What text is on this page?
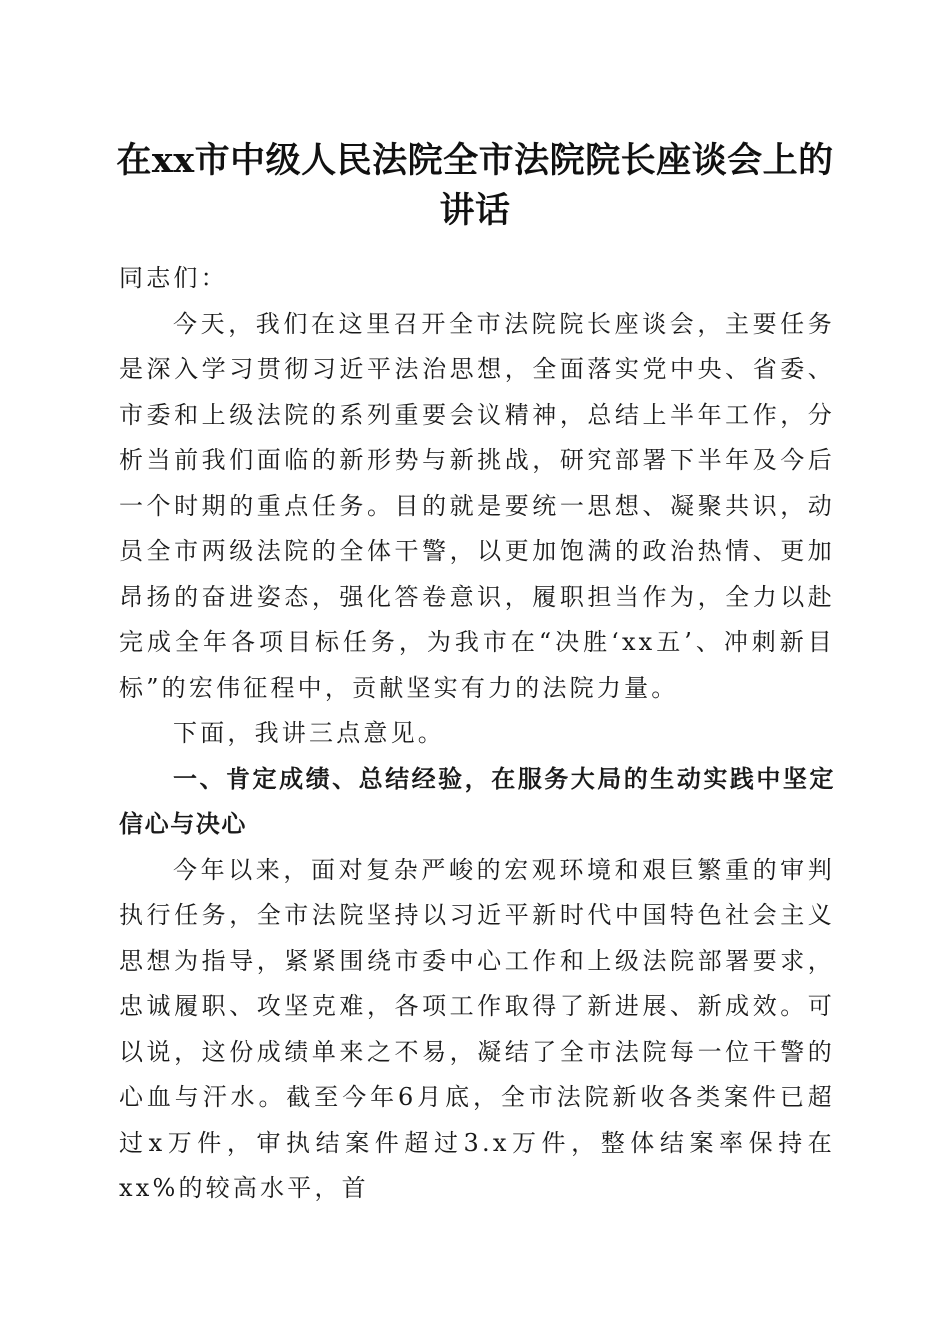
在xx市中级人民法院全市法院院长座谈会上的讲话

同志们：

今天，我们在这里召开全市法院院长座谈会，主要任务是深入学习贯彻习近平法治思想，全面落实党中央、省委、市委和上级法院的系列重要会议精神，总结上半年工作，分析当前我们面临的新形势与新挑战，研究部署下半年及今后一个时期的重点任务。目的就是要统一思想、凝聚共识，动员全市两级法院的全体干警，以更加饱满的政治热情、更加昂扬的奋进姿态，强化答卷意识，履职担当作为，全力以赴完成全年各项目标任务，为我市在“决胜‘xx五’、冲刺新目标”的宏伟征程中，贡献坚实有力的法院力量。

下面，我讲三点意见。

一、肯定成绩、总结经验，在服务大局的生动实践中坚定信心与决心

今年以来，面对复杂严峻的宏观环境和艰巨繁重的审判执行任务，全市法院坚持以习近平新时代中国特色社会主义思想为指导，紧紧围绕市委中心工作和上级法院部署要求，忠诚履职、攻坚克难，各项工作取得了新进展、新成效。可以说，这份成绩单来之不易，凝结了全市法院每一位干警的心血与汗水。截至今年6月底，全市法院新收各类案件已超过x万件，审执结案件超过3.x万件，整体结案率保持在xx%的较高水平，首
